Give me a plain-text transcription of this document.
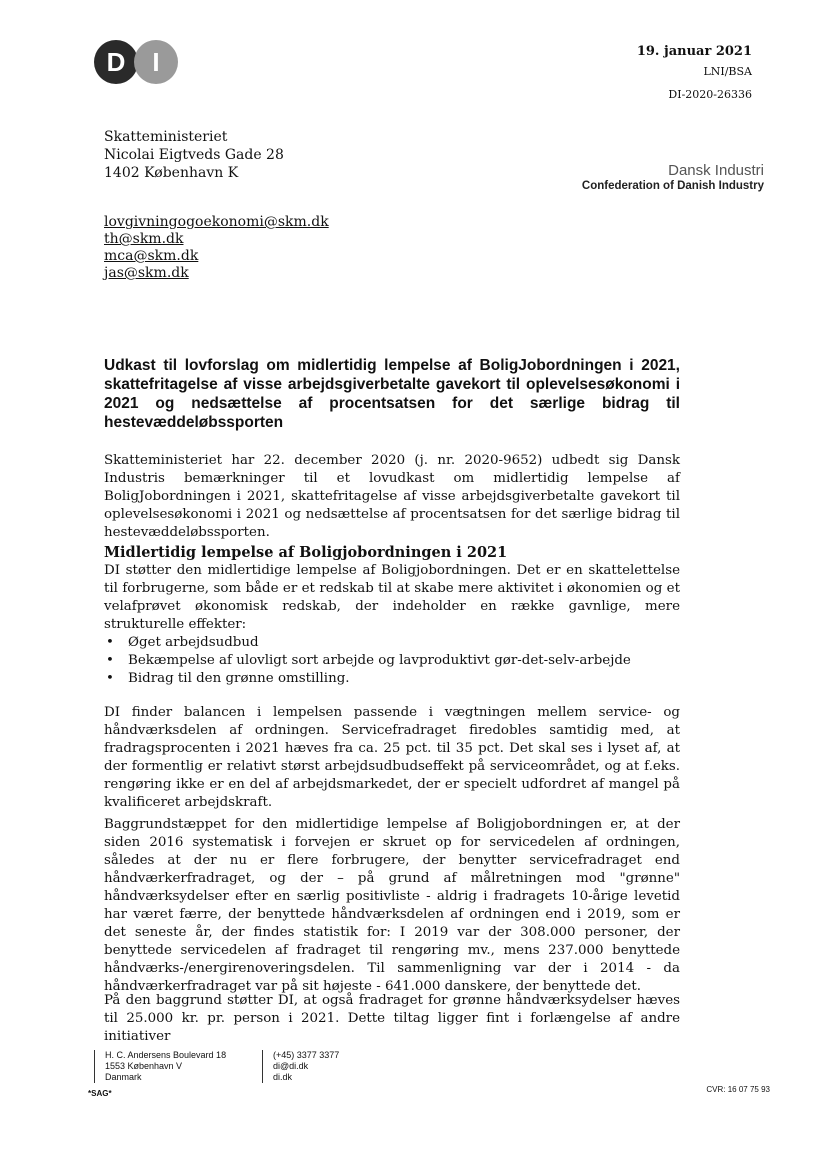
D	I	19. januar 2021
LNI/BSA
DI-2020-26336
Skatteministeriet
Nicolai Eigtveds Gade 28
1402 København K	Dansk Industri
Confederation of Danish Industry
lovgivningogoekonomi@skm.dk
th@skm.dk
mca@skm.dk
jas@skm.dk
Udkast til lovforslag om midlertidig lempelse af BoligJobordningen i 2021, skattefritagelse af visse arbejdsgiverbetalte gavekort til oplevelsesøkonomi i 2021 og nedsættelse af procentsatsen for det særlige bidrag til hestevæddeløbssporten

Skatteministeriet har 22. december 2020 (j. nr. 2020-9652) udbedt sig Dansk Industris bemærkninger til et lovudkast om midlertidig lempelse af BoligJobordningen i 2021, skattefritagelse af visse arbejdsgiverbetalte gavekort til oplevelsesøkonomi i 2021 og nedsættelse af procentsatsen for det særlige bidrag til hestevæddeløbssporten.

Midlertidig lempelse af Boligjobordningen i 2021
DI støtter den midlertidige lempelse af Boligjobordningen. Det er en skattelettelse til forbrugerne, som både er et redskab til at skabe mere aktivitet i økonomien og et velafprøvet økonomisk redskab, der indeholder en række gavnlige, mere strukturelle effekter:
• Øget arbejdsudbud
• Bekæmpelse af ulovligt sort arbejde og lavproduktivt gør-det-selv-arbejde
• Bidrag til den grønne omstilling.

DI finder balancen i lempelsen passende i vægtningen mellem service- og håndværksdelen af ordningen. Servicefradraget firedobles samtidig med, at fradragsprocenten i 2021 hæves fra ca. 25 pct. til 35 pct. Det skal ses i lyset af, at der formentlig er relativt størst arbejdsudbudseffekt på serviceområdet, og at f.eks. rengøring ikke er en del af arbejdsmarkedet, der er specielt udfordret af mangel på kvalificeret arbejdskraft.

Baggrundstæppet for den midlertidige lempelse af Boligjobordningen er, at der siden 2016 systematisk i forvejen er skruet op for servicedelen af ordningen, således at der nu er flere forbrugere, der benytter servicefradraget end håndværkerfradraget, og der – på grund af målretningen mod "grønne" håndværksydelser efter en særlig positivliste - aldrig i fradragets 10-årige levetid har været færre, der benyttede håndværksdelen af ordningen end i 2019, som er det seneste år, der findes statistik for: I 2019 var der 308.000 personer, der benyttede servicedelen af fradraget til rengøring mv., mens 237.000 benyttede håndværks-/energirenoveringsdelen. Til sammenligning var der i 2014 - da håndværkerfradraget var på sit højeste - 641.000 danskere, der benyttede det.

På den baggrund støtter DI, at også fradraget for grønne håndværksydelser hæves til 25.000 kr. pr. person i 2021. Dette tiltag ligger fint i forlængelse af andre initiativer

H. C. Andersens Boulevard 18
1553 København V
Danmark
(+45) 3377 3377
di@di.dk
di.dk
*SAG*	CVR: 16 07 75 93
